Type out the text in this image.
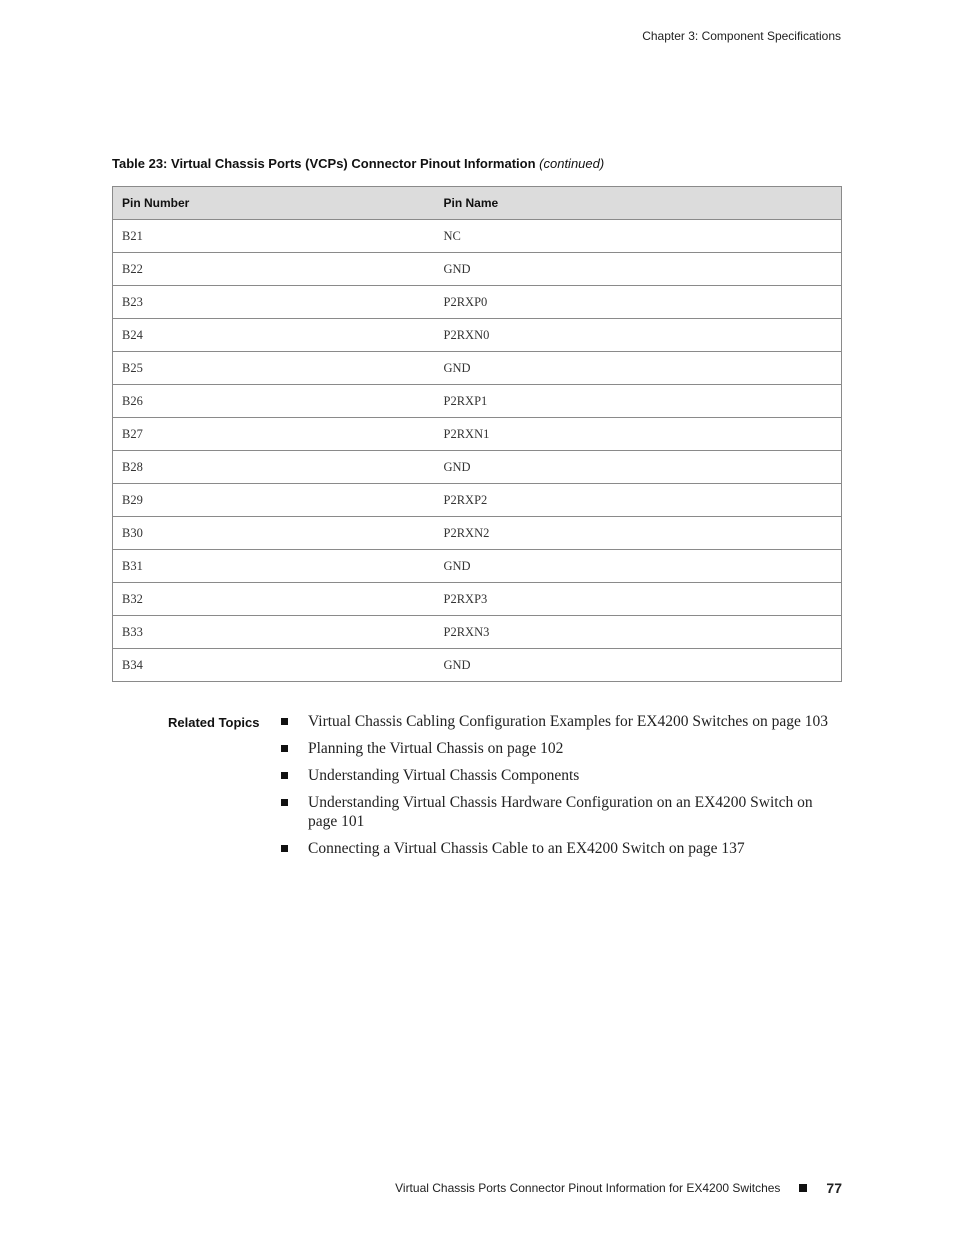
Chapter 3: Component Specifications
Table 23: Virtual Chassis Ports (VCPs) Connector Pinout Information (continued)
Pin Number	Pin Name
B21	NC
B22	GND
B23	P2RXP0
B24	P2RXN0
B25	GND
B26	P2RXP1
B27	P2RXN1
B28	GND
B29	P2RXP2
B30	P2RXN2
B31	GND
B32	P2RXP3
B33	P2RXN3
B34	GND
Related Topics	Virtual Chassis Cabling Configuration Examples for EX4200 Switches on page 103
Planning the Virtual Chassis on page 102
Understanding Virtual Chassis Components
Understanding Virtual Chassis Hardware Configuration on an EX4200 Switch on page 101
Connecting a Virtual Chassis Cable to an EX4200 Switch on page 137
Virtual Chassis Ports Connector Pinout Information for EX4200 Switches	77
